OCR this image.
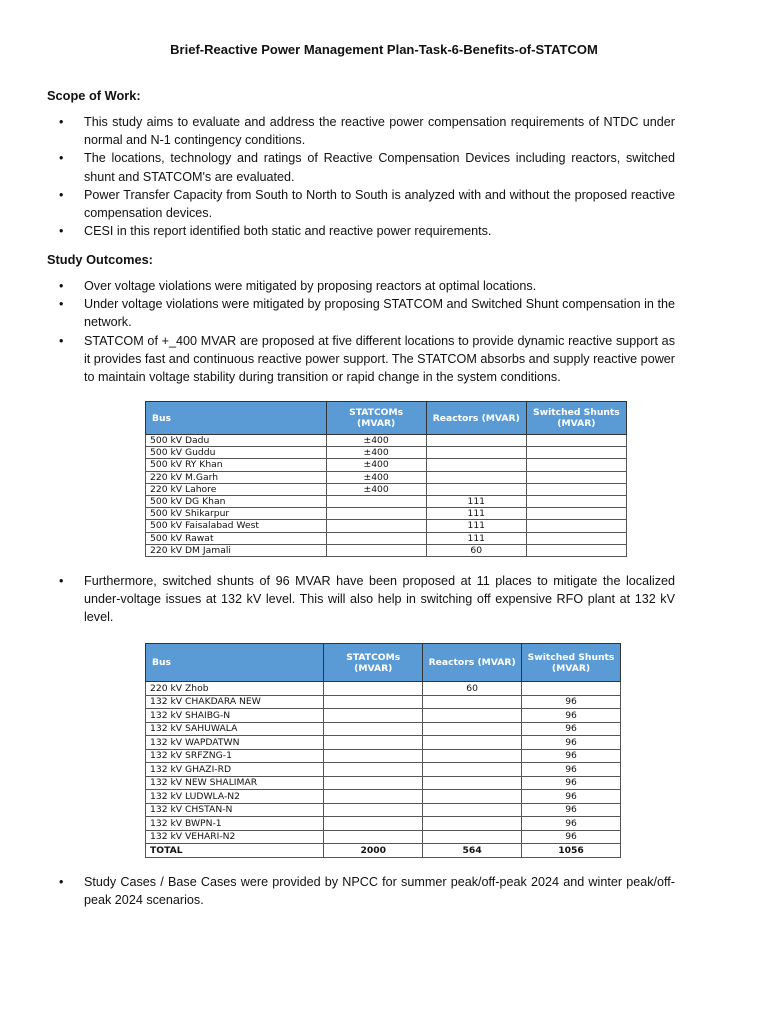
Brief-Reactive Power Management Plan-Task-6-Benefits-of-STATCOM
Scope of Work:
• This study aims to evaluate and address the reactive power compensation requirements of NTDC under normal and N-1 contingency conditions.
• The locations, technology and ratings of Reactive Compensation Devices including reactors, switched shunt and STATCOM's are evaluated.
• Power Transfer Capacity from South to North to South is analyzed with and without the proposed reactive compensation devices.
• CESI in this report identified both static and reactive power requirements.
Study Outcomes:
• Over voltage violations were mitigated by proposing reactors at optimal locations.
• Under voltage violations were mitigated by proposing STATCOM and Switched Shunt compensation in the network.
• STATCOM of +_400 MVAR are proposed at five different locations to provide dynamic reactive support as it provides fast and continuous reactive power support. The STATCOM absorbs and supply reactive power to maintain voltage stability during transition or rapid change in the system conditions.
Bus	STATCOMs (MVAR)	Reactors (MVAR)	Switched Shunts (MVAR)
500 kV Dadu	±400		
500 kV Guddu	±400		
500 kV RY Khan	±400		
220 kV M.Garh	±400		
220 kV Lahore	±400		
500 kV DG Khan		111	
500 kV Shikarpur		111	
500 kV Faisalabad West		111	
500 kV Rawat		111	
220 kV DM Jamali		60	
• Furthermore, switched shunts of 96 MVAR have been proposed at 11 places to mitigate the localized under-voltage issues at 132 kV level. This will also help in switching off expensive RFO plant at 132 kV level.
Bus	STATCOMs (MVAR)	Reactors (MVAR)	Switched Shunts (MVAR)
220 kV Zhob		60	
132 kV CHAKDARA NEW			96
132 kV SHAIBG-N			96
132 kV SAHUWALA			96
132 kV WAPDATWN			96
132 kV SRFZNG-1			96
132 kV GHAZI-RD			96
132 kV NEW SHALIMAR			96
132 kV LUDWLA-N2			96
132 kV CHSTAN-N			96
132 kV BWPN-1			96
132 kV VEHARI-N2			96
TOTAL	2000	564	1056
• Study Cases / Base Cases were provided by NPCC for summer peak/off-peak 2024 and winter peak/off-peak 2024 scenarios.
